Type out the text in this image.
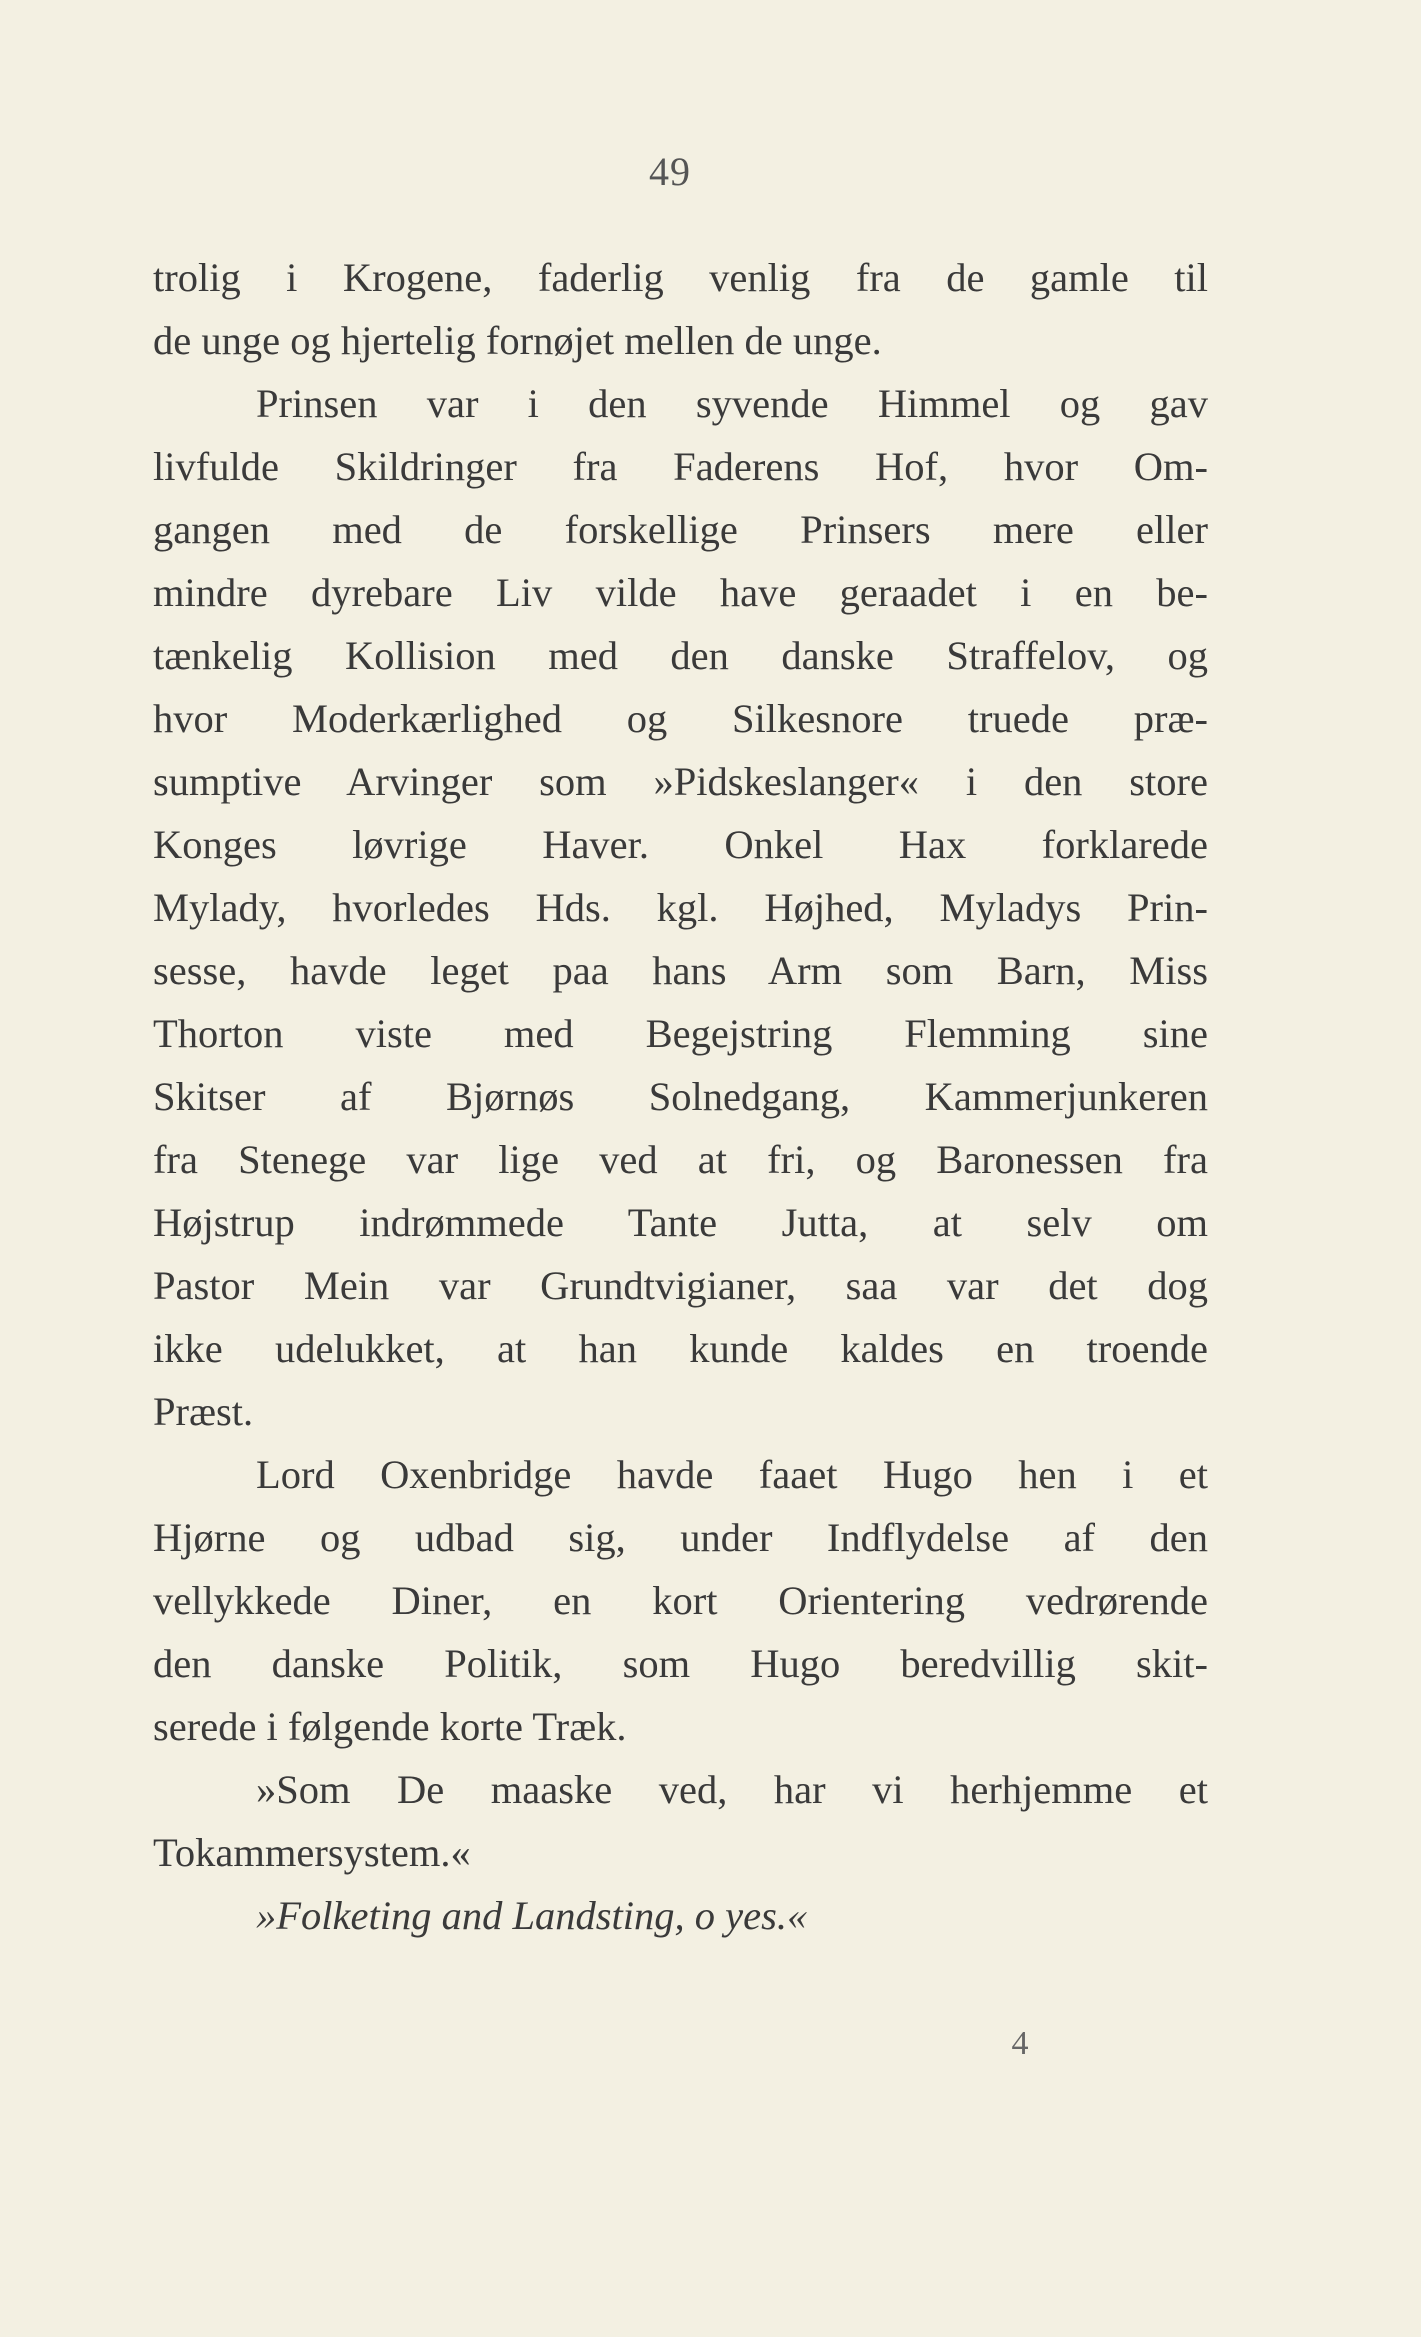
49
trolig i Krogene, faderlig venlig fra de gamle til
de unge og hjertelig fornøjet mellen de unge.
Prinsen var i den syvende Himmel og gav
livfulde Skildringer fra Faderens Hof, hvor Om-
gangen med de forskellige Prinsers mere eller
mindre dyrebare Liv vilde have geraadet i en be-
tænkelig Kollision med den danske Straffelov, og
hvor Moderkærlighed og Silkesnore truede præ-
sumptive Arvinger som »Pidskeslanger« i den store
Konges løvrige Haver. Onkel Hax forklarede
Mylady, hvorledes Hds. kgl. Højhed, Myladys Prin-
sesse, havde leget paa hans Arm som Barn, Miss
Thorton viste med Begejstring Flemming sine
Skitser af Bjørnøs Solnedgang, Kammerjunkeren
fra Stenege var lige ved at fri, og Baronessen fra
Højstrup indrømmede Tante Jutta, at selv om
Pastor Mein var Grundtvigianer, saa var det dog
ikke udelukket, at han kunde kaldes en troende
Præst.
Lord Oxenbridge havde faaet Hugo hen i et
Hjørne og udbad sig, under Indflydelse af den
vellykkede Diner, en kort Orientering vedrørende
den danske Politik, som Hugo beredvillig skit-
serede i følgende korte Træk.
»Som De maaske ved, har vi herhjemme et
Tokammersystem.«
»Folketing and Landsting, o yes.«
4
